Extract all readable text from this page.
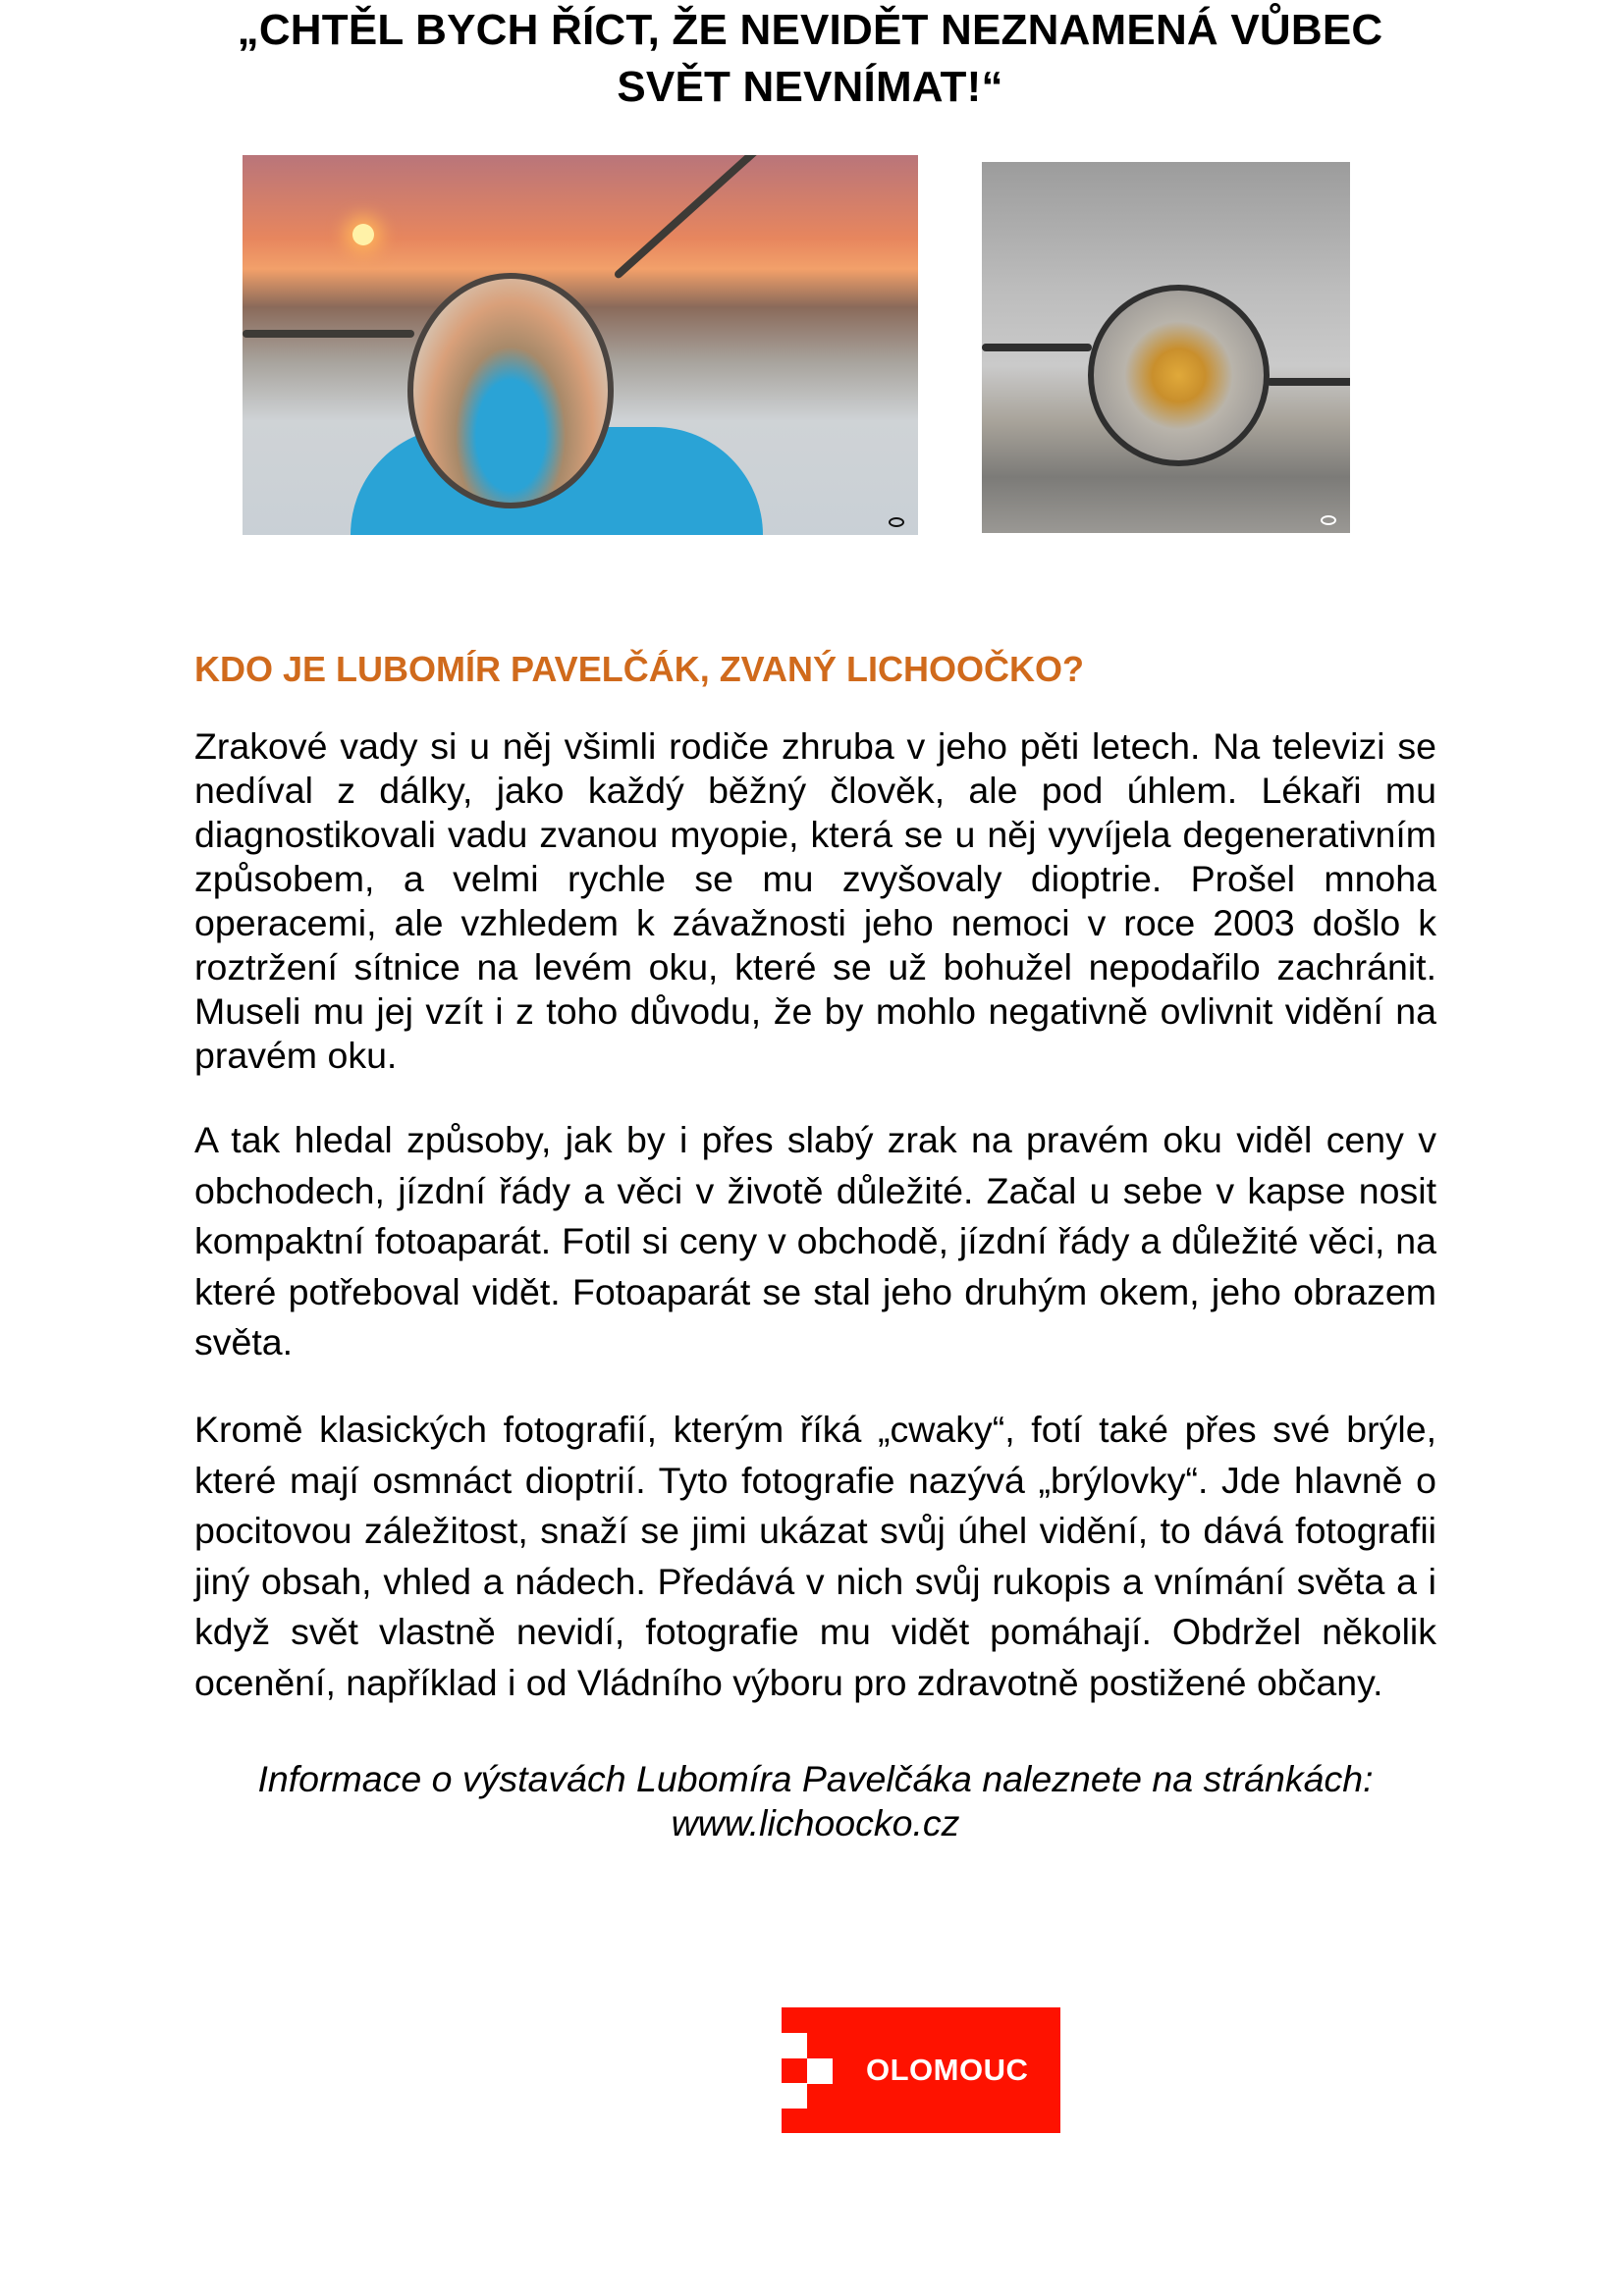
„CHTĚL BYCH ŘÍCT, ŽE NEVIDĚT NEZNAMENÁ VŮBEC
SVĚT NEVNÍMAT!“
KDO JE LUBOMÍR PAVELČÁK, ZVANÝ LICHOOČKO?
Zrakové vady si u něj všimli rodiče zhruba v jeho pěti letech. Na televizi se nedíval z dálky, jako každý běžný člověk, ale pod úhlem. Lékaři mu diagnostikovali vadu zvanou myopie, která se u něj vyvíjela degenerativním způsobem, a velmi rychle se mu zvyšovaly dioptrie. Prošel mnoha operacemi, ale vzhledem k závažnosti jeho nemoci v roce 2003 došlo k roztržení sítnice na levém oku, které se už bohužel nepodařilo zachránit. Museli mu jej vzít i z toho důvodu, že by mohlo negativně ovlivnit vidění na pravém oku.
A tak hledal způsoby, jak by i přes slabý zrak na pravém oku viděl ceny v obchodech, jízdní řády a věci v životě důležité. Začal u sebe v kapse nosit kompaktní fotoaparát. Fotil si ceny v obchodě, jízdní řády a důležité věci, na které potřeboval vidět. Fotoaparát se stal jeho druhým okem, jeho obrazem světa.
Kromě klasických fotografií, kterým říká „cwaky“, fotí také přes své brýle, které mají osmnáct dioptrií. Tyto fotografie nazývá „brýlovky“. Jde hlavně o pocitovou záležitost, snaží se jimi ukázat svůj úhel vidění, to dává fotografii jiný obsah, vhled a nádech. Předává v nich svůj rukopis a vnímání světa a i když svět vlastně nevidí, fotografie mu vidět pomáhají. Obdržel několik ocenění, například i od Vládního výboru pro zdravotně postižené občany.
Informace o výstavách Lubomíra Pavelčáka naleznete na stránkách:
www.lichoocko.cz
OLOMOUC
